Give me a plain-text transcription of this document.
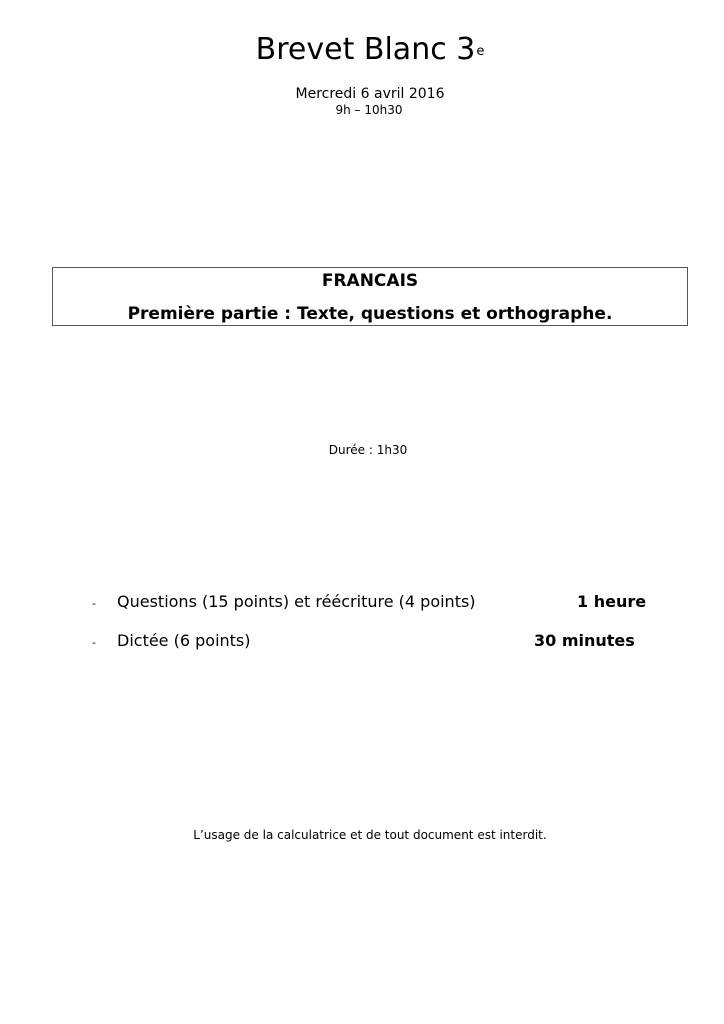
Brevet Blanc 3e
Mercredi 6 avril 2016
9h – 10h30
FRANCAIS
Première partie : Texte, questions et orthographe.
Durée : 1h30
- Questions (15 points) et réécriture (4 points)	1 heure
- Dictée (6 points)	30 minutes
L’usage de la calculatrice et de tout document est interdit.
